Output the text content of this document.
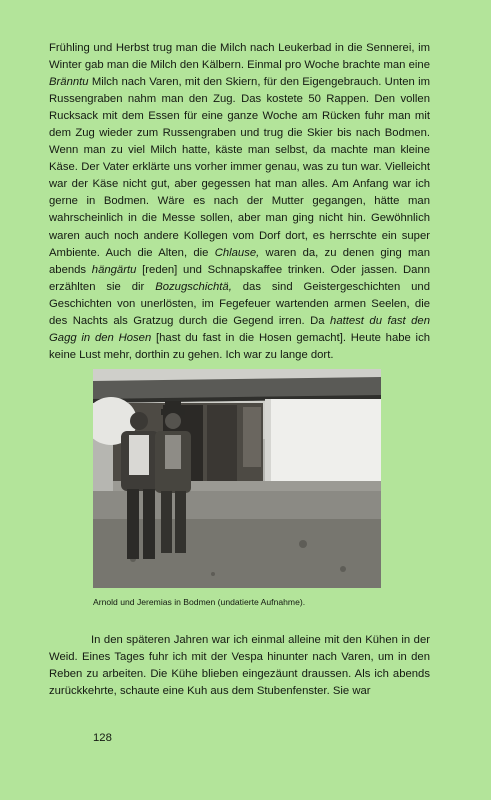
Frühling und Herbst trug man die Milch nach Leukerbad in die Sennerei, im Winter gab man die Milch den Kälbern. Einmal pro Woche brachte man eine Bränntu Milch nach Varen, mit den Skiern, für den Eigengebrauch. Unten im Russengraben nahm man den Zug. Das kostete 50 Rappen. Den vollen Rucksack mit dem Essen für eine ganze Woche am Rücken fuhr man mit dem Zug wieder zum Russengraben und trug die Skier bis nach Bodmen. Wenn man zu viel Milch hatte, käste man selbst, da machte man kleine Käse. Der Vater erklärte uns vorher immer genau, was zu tun war. Vielleicht war der Käse nicht gut, aber gegessen hat man alles. Am Anfang war ich gerne in Bodmen. Wäre es nach der Mutter gegangen, hätte man wahrscheinlich in die Messe sollen, aber man ging nicht hin. Gewöhnlich waren auch noch andere Kollegen vom Dorf dort, es herrschte ein super Ambiente. Auch die Alten, die Chlause, waren da, zu denen ging man abends hängärtu [reden] und Schnapskaffee trinken. Oder jassen. Dann erzählten sie dir Bozugschichtä, das sind Geistergeschichten und Geschichten von unerlösten, im Fegefeuer wartenden armen Seelen, die des Nachts als Gratzug durch die Gegend irren. Da hattest du fast den Gagg in den Hosen [hast du fast in die Hosen gemacht]. Heute habe ich keine Lust mehr, dorthin zu gehen. Ich war zu lange dort.

Arnold und Jeremias in Bodmen (undatierte Aufnahme).

In den späteren Jahren war ich einmal alleine mit den Kühen in der Weid. Eines Tages fuhr ich mit der Vespa hinunter nach Varen, um in den Reben zu arbeiten. Die Kühe blieben eingezäunt draussen. Als ich abends zurückkehrte, schaute eine Kuh aus dem Stubenfenster. Sie war

128
